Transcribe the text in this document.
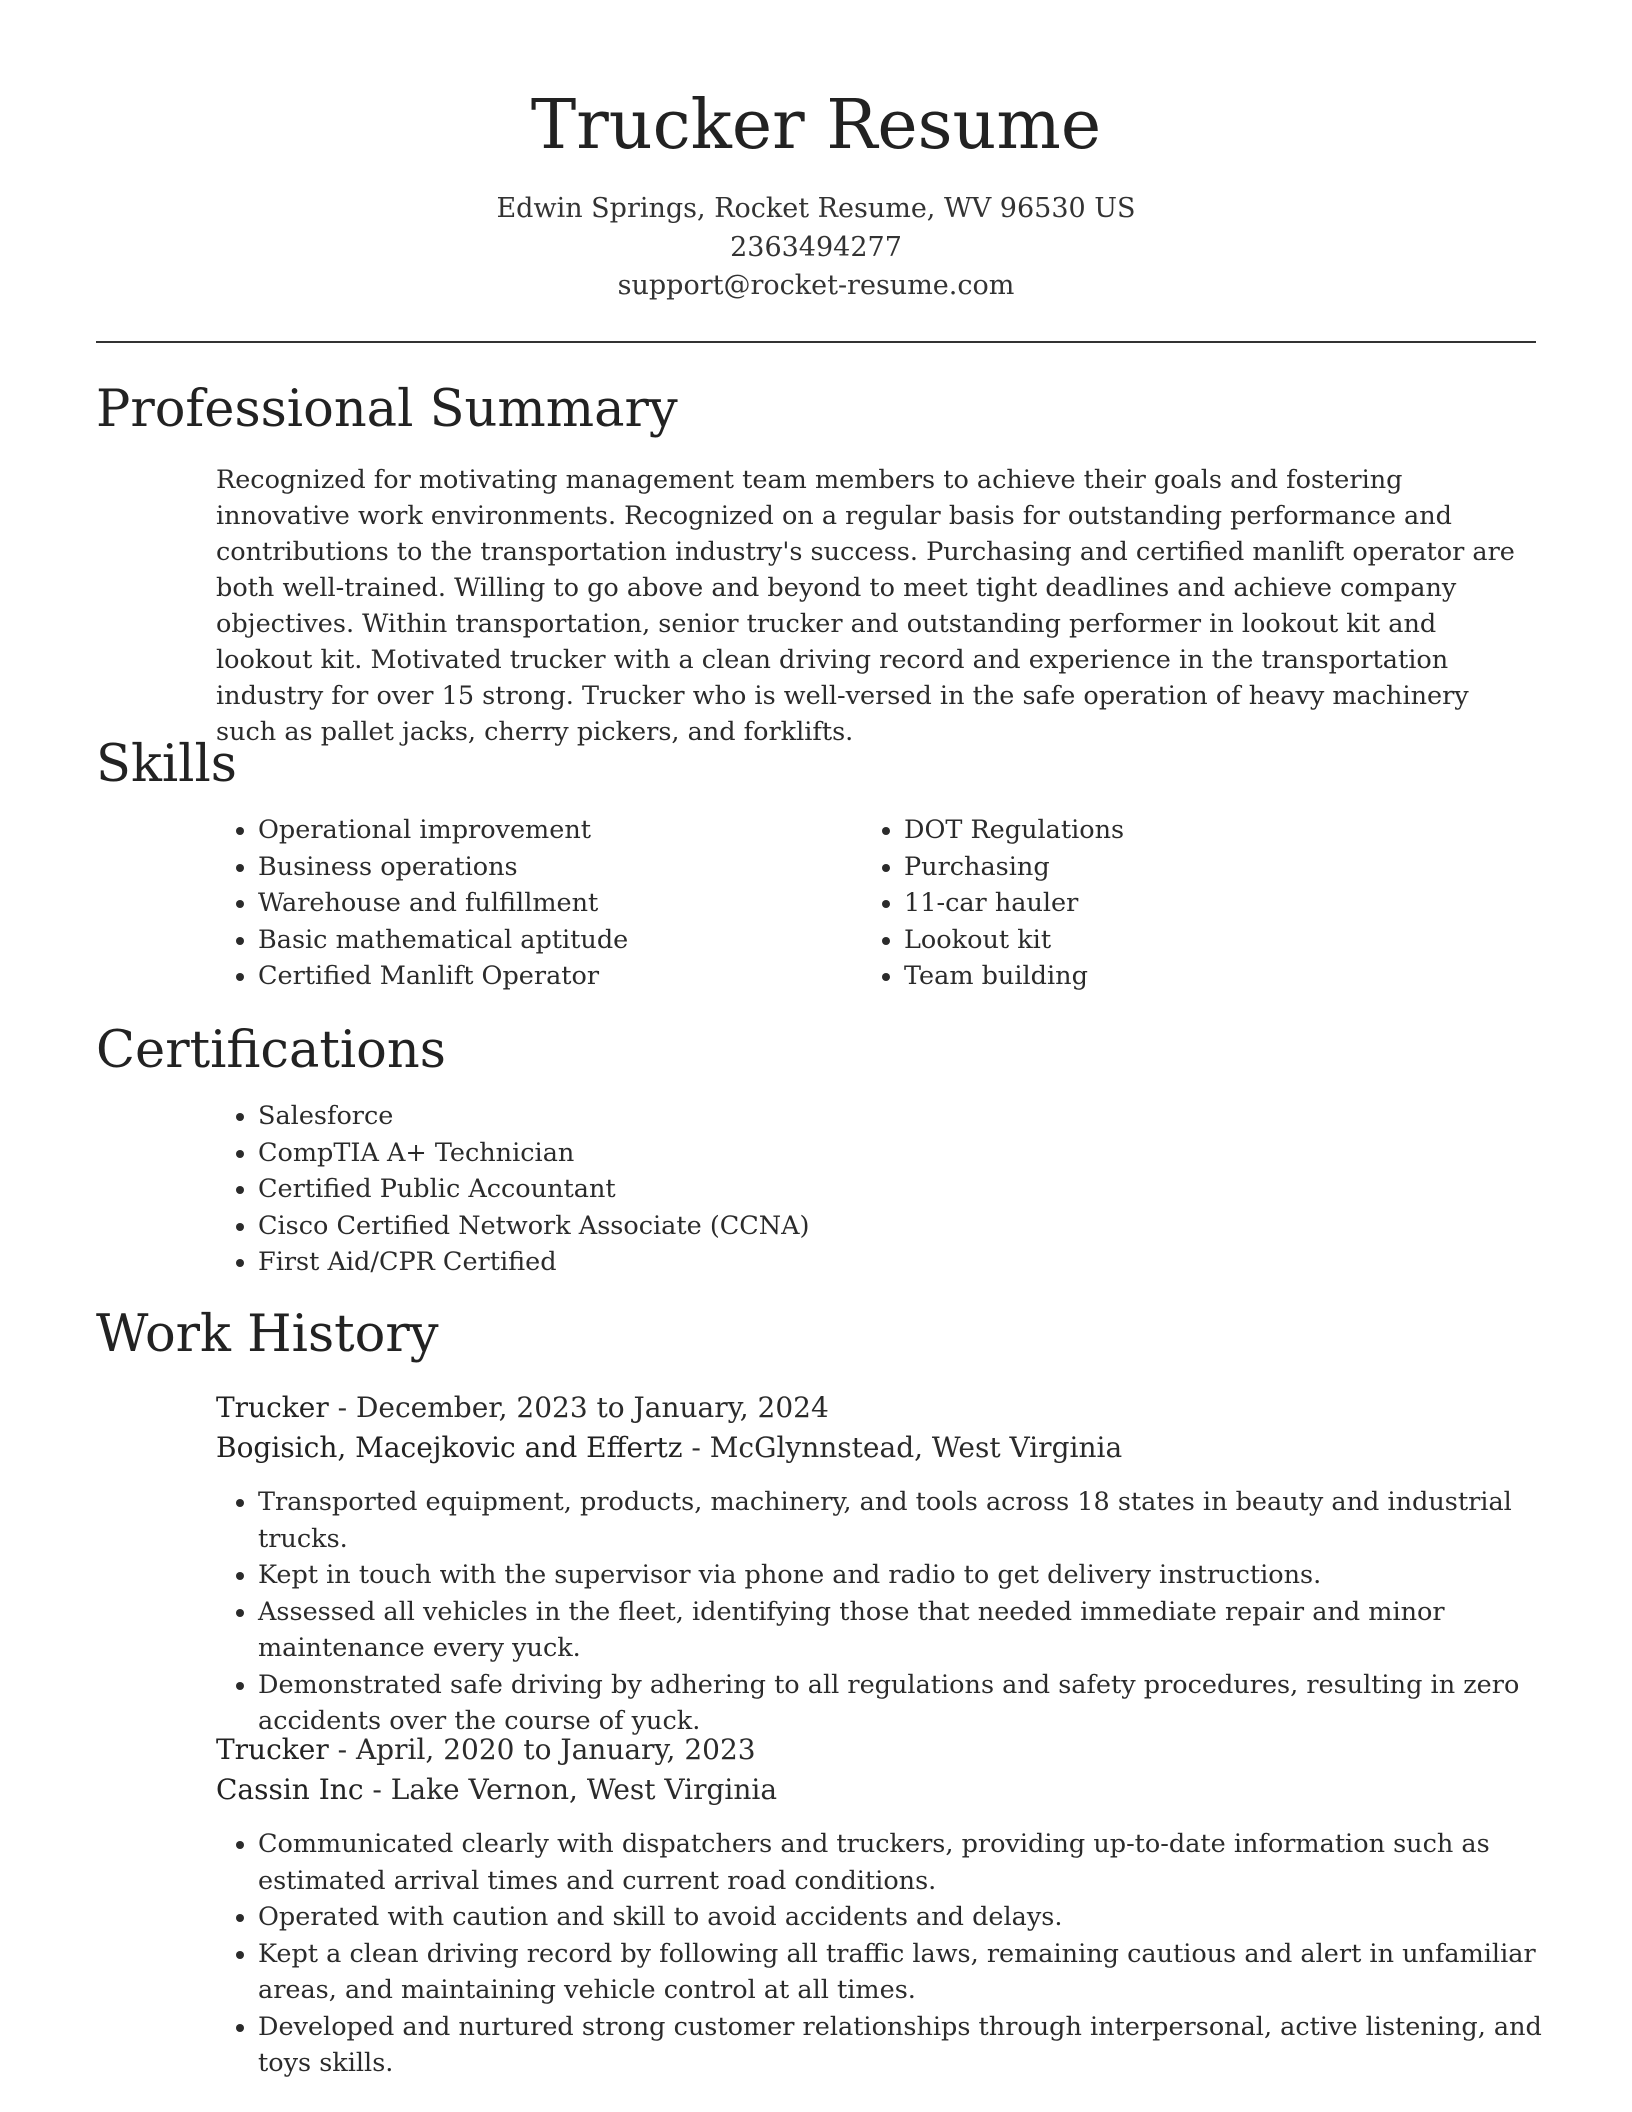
Trucker Resume
Edwin Springs, Rocket Resume, WV 96530 US
2363494277
support@rocket-resume.com
Professional Summary

Recognized for motivating management team members to achieve their goals and fostering innovative work environments. Recognized on a regular basis for outstanding performance and contributions to the transportation industry's success. Purchasing and certified manlift operator are both well-trained. Willing to go above and beyond to meet tight deadlines and achieve company objectives. Within transportation, senior trucker and outstanding performer in lookout kit and lookout kit. Motivated trucker with a clean driving record and experience in the transportation industry for over 15 strong. Trucker who is well-versed in the safe operation of heavy machinery such as pallet jacks, cherry pickers, and forklifts.

Skills
• Operational improvement
• Business operations
• Warehouse and fulfillment
• Basic mathematical aptitude
• Certified Manlift Operator
• DOT Regulations
• Purchasing
• 11-car hauler
• Lookout kit
• Team building
Certifications
• Salesforce
• CompTIA A+ Technician
• Certified Public Accountant
• Cisco Certified Network Associate (CCNA)
• First Aid/CPR Certified
Work History
Trucker - December, 2023 to January, 2024
Bogisich, Macejkovic and Effertz - McGlynnstead, West Virginia
• Transported equipment, products, machinery, and tools across 18 states in beauty and industrial trucks.
• Kept in touch with the supervisor via phone and radio to get delivery instructions.
• Assessed all vehicles in the fleet, identifying those that needed immediate repair and minor maintenance every yuck.
• Demonstrated safe driving by adhering to all regulations and safety procedures, resulting in zero accidents over the course of yuck.
Trucker - April, 2020 to January, 2023
Cassin Inc - Lake Vernon, West Virginia
• Communicated clearly with dispatchers and truckers, providing up-to-date information such as estimated arrival times and current road conditions.
• Operated with caution and skill to avoid accidents and delays.
• Kept a clean driving record by following all traffic laws, remaining cautious and alert in unfamiliar areas, and maintaining vehicle control at all times.
• Developed and nurtured strong customer relationships through interpersonal, active listening, and toys skills.
